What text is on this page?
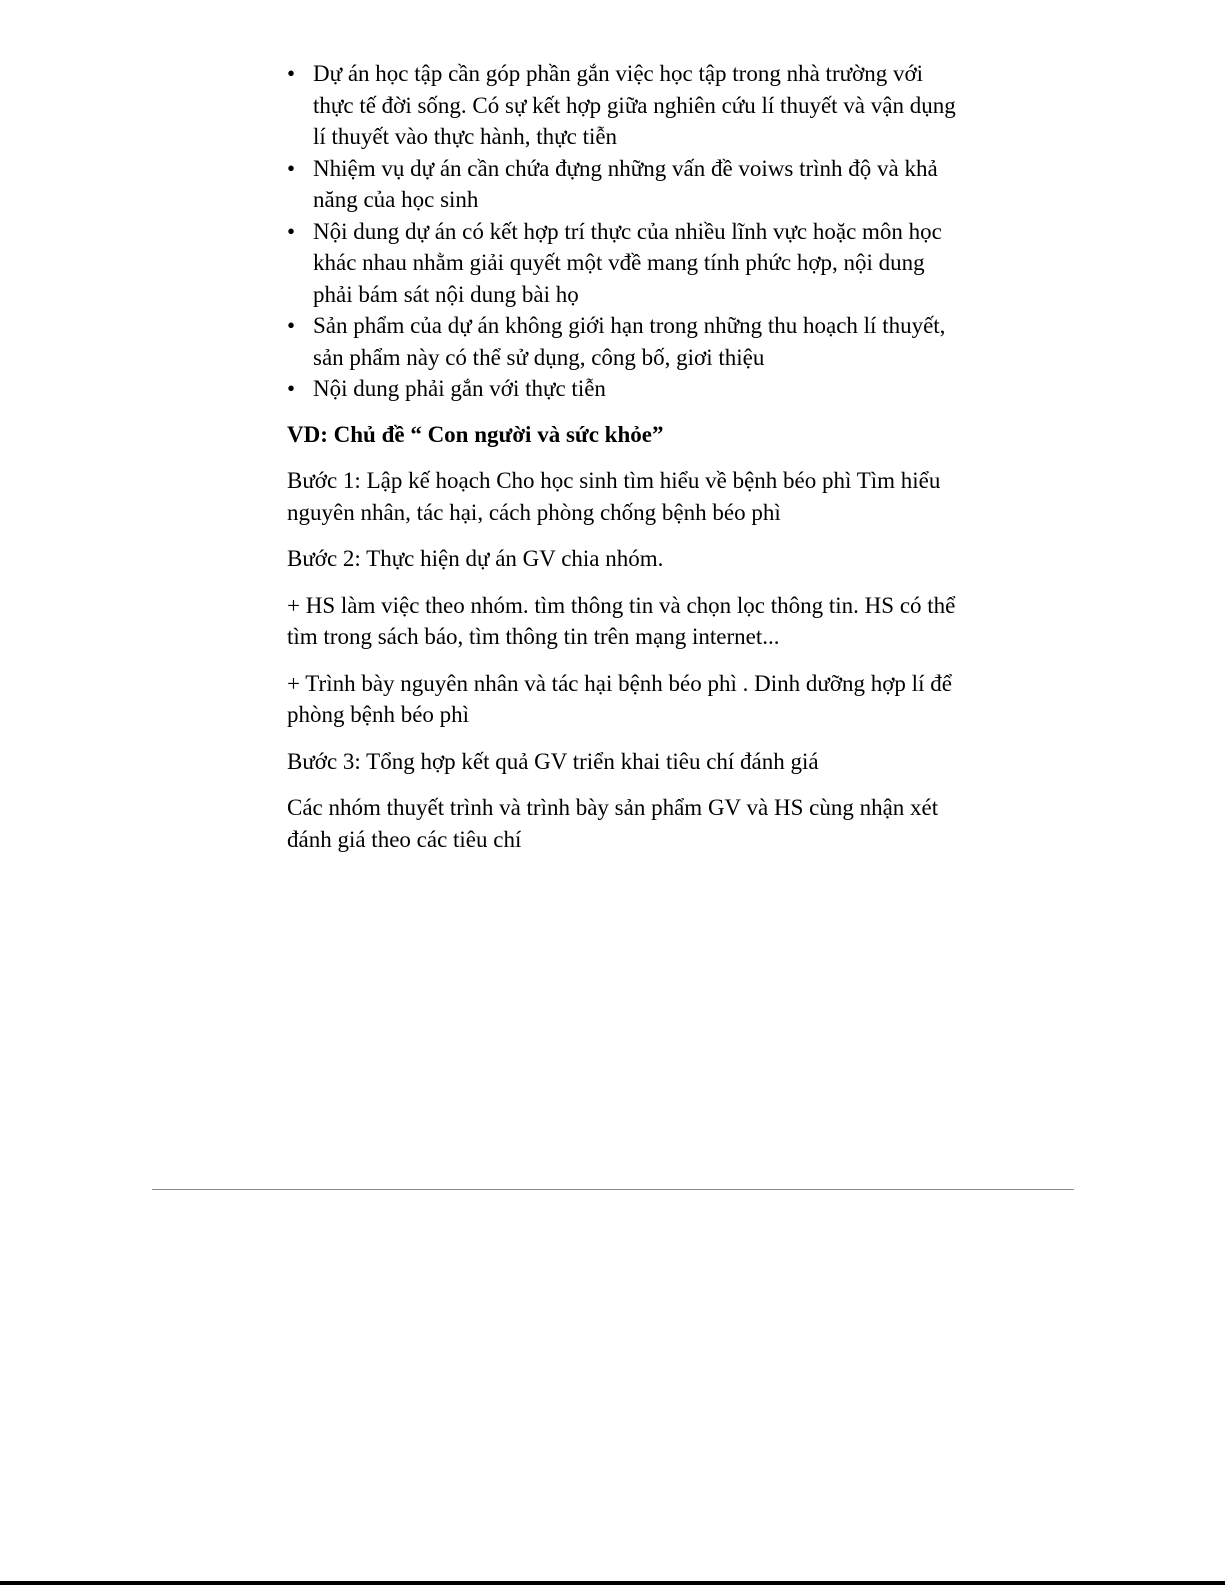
• Dự án học tập cần góp phần gắn việc học tập trong nhà trường với thực tế đời sống. Có sự kết hợp giữa nghiên cứu lí thuyết và vận dụng lí thuyết vào thực hành, thực tiễn
• Nhiệm vụ dự án cần chứa đựng những vấn đề voiws trình độ và khả năng của học sinh
• Nội dung dự án có kết hợp trí thực của nhiều lĩnh vực hoặc môn học khác nhau nhằm giải quyết một vđề mang tính phức hợp, nội dung phải bám sát nội dung bài họ
• Sản phẩm của dự án không giới hạn trong những thu hoạch lí thuyết, sản phẩm này có thể sử dụng, công bố, giơi thiệu
• Nội dung phải gắn với thực tiễn

VD: Chủ đề “ Con người và sức khỏe”

Bước 1: Lập kế hoạch Cho học sinh tìm hiểu về bệnh béo phì Tìm hiểu nguyên nhân, tác hại, cách phòng chống bệnh béo phì

Bước 2: Thực hiện dự án GV chia nhóm.

+ HS làm việc theo nhóm. tìm thông tin và chọn lọc thông tin. HS có thể tìm trong sách báo, tìm thông tin trên mạng internet...

+ Trình bày nguyên nhân và tác hại bệnh béo phì . Dinh dưỡng hợp lí để phòng bệnh béo phì

Bước 3: Tổng hợp kết quả GV triển khai tiêu chí đánh giá

Các nhóm thuyết trình và trình bày sản phẩm GV và HS cùng nhận xét đánh giá theo các tiêu chí
